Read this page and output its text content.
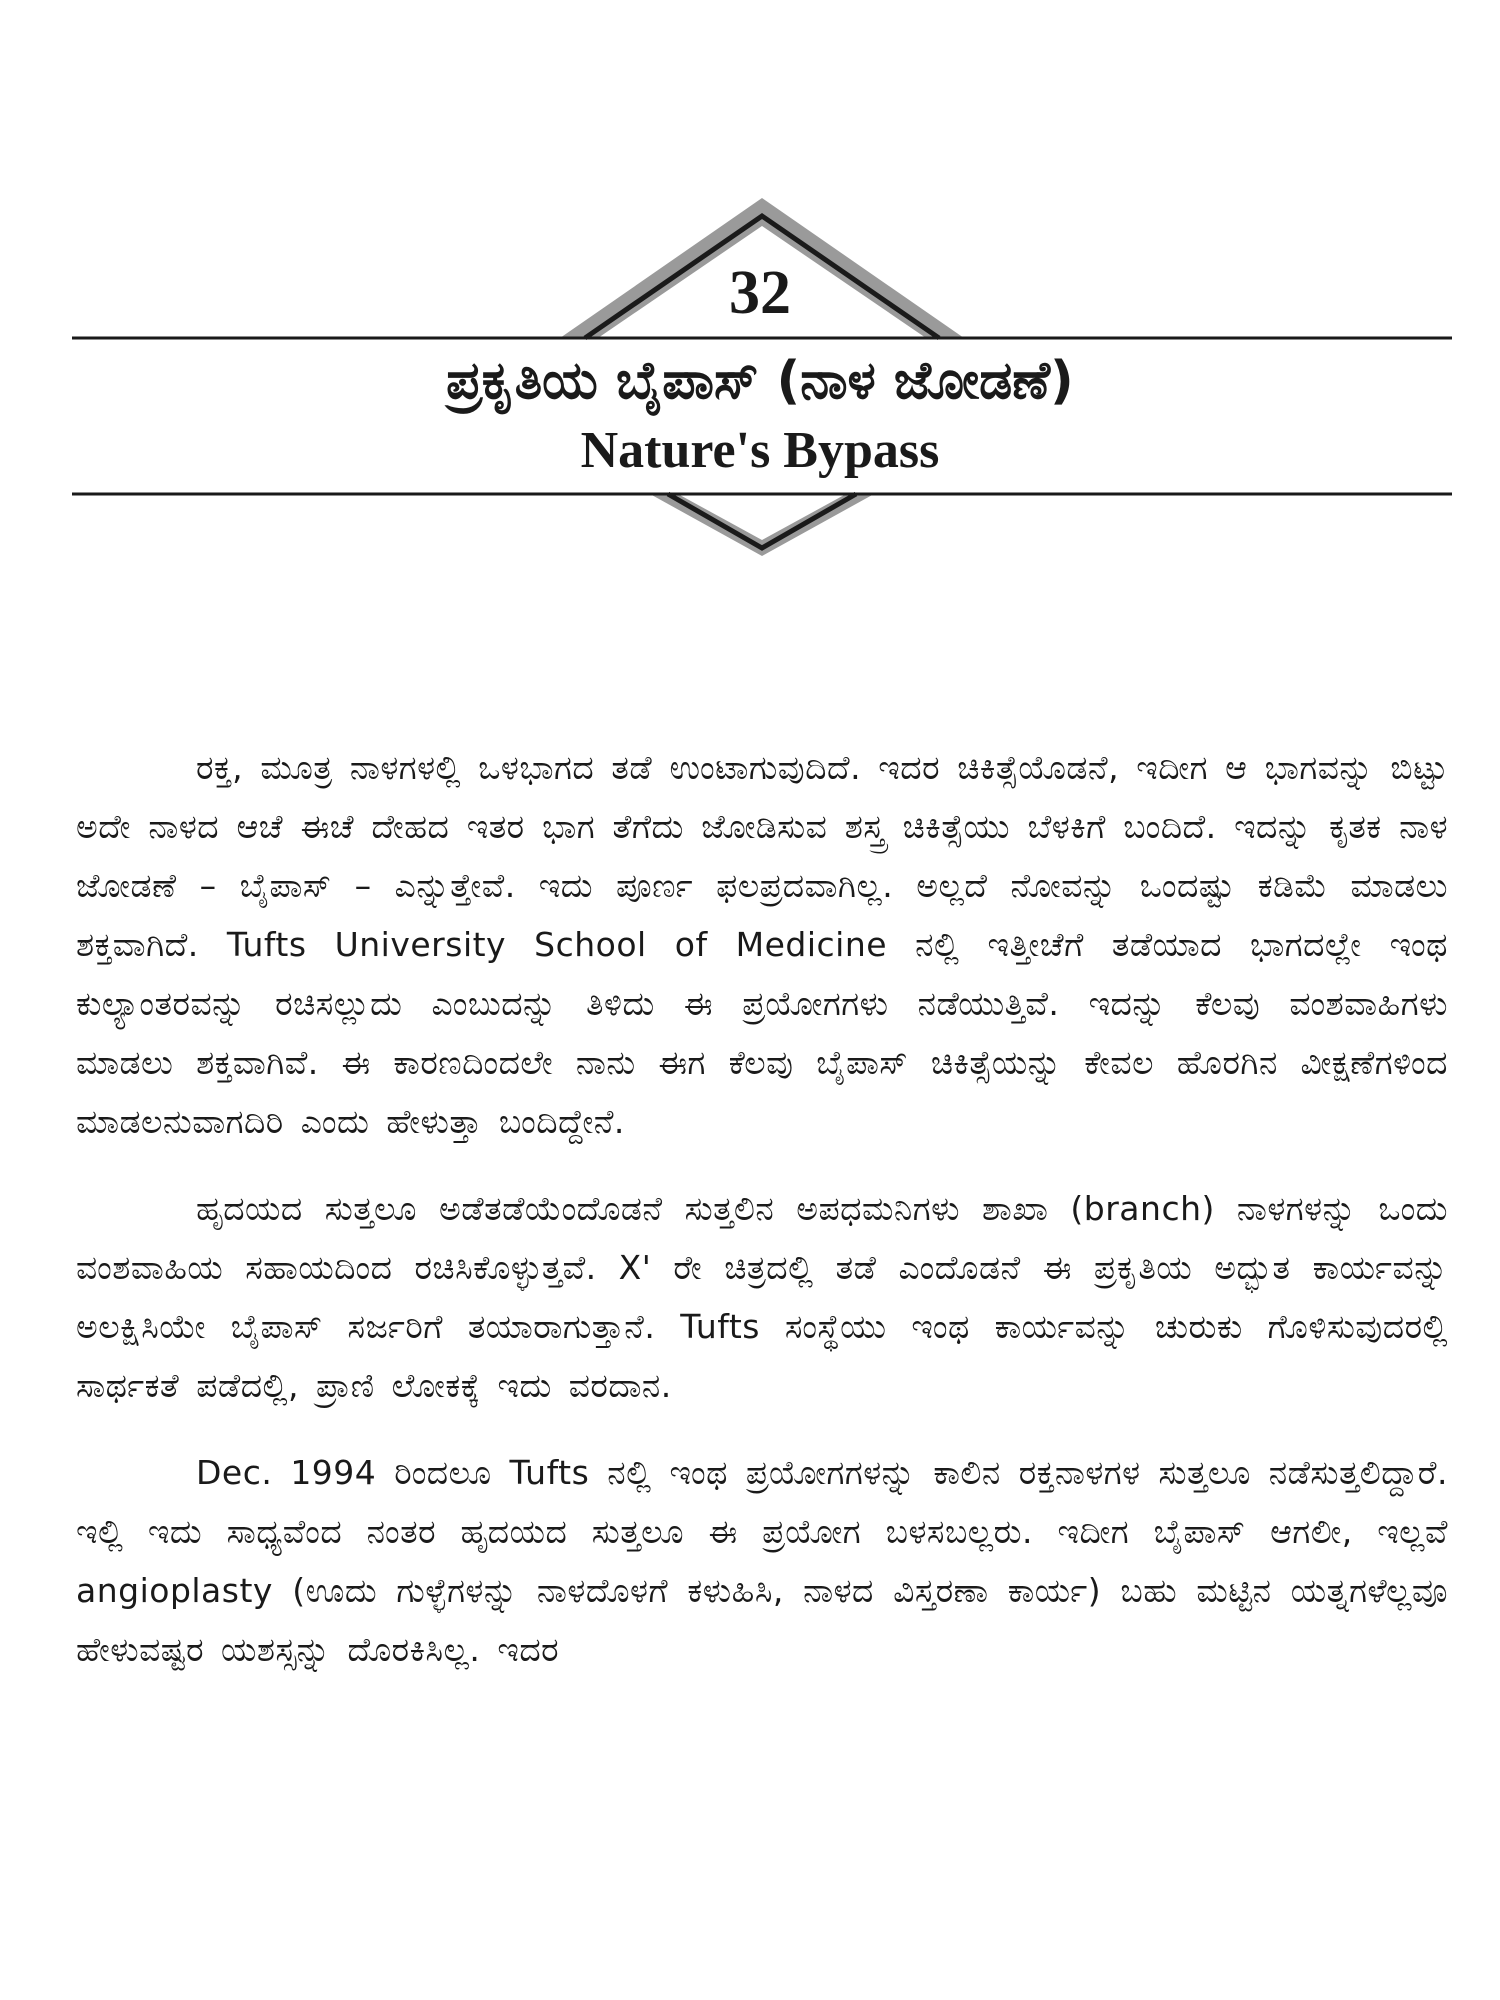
32
ಪ್ರಕೃತಿಯ ಬೈಪಾಸ್ (ನಾಳ ಜೋಡಣೆ)
Nature's Bypass

ರಕ್ತ, ಮೂತ್ರ ನಾಳಗಳಲ್ಲಿ ಒಳಭಾಗದ ತಡೆ ಉಂಟಾಗುವುದಿದೆ. ಇದರ ಚಿಕಿತ್ಸೆಯೊಡನೆ, ಇದೀಗ ಆ ಭಾಗವನ್ನು ಬಿಟ್ಟು ಅದೇ ನಾಳದ ಆಚೆ ಈಚೆ ದೇಹದ ಇತರ ಭಾಗ ತೆಗೆದು ಜೋಡಿಸುವ ಶಸ್ತ್ರ ಚಿಕಿತ್ಸೆಯು ಬೆಳಕಿಗೆ ಬಂದಿದೆ. ಇದನ್ನು ಕೃತಕ ನಾಳ ಜೋಡಣೆ – ಬೈಪಾಸ್ – ಎನ್ನುತ್ತೇವೆ. ಇದು ಪೂರ್ಣ ಫಲಪ್ರದವಾಗಿಲ್ಲ. ಅಲ್ಲದೆ ನೋವನ್ನು ಒಂದಷ್ಟು ಕಡಿಮೆ ಮಾಡಲು ಶಕ್ತವಾಗಿದೆ. Tufts University School of Medicine ನಲ್ಲಿ ಇತ್ತೀಚೆಗೆ ತಡೆಯಾದ ಭಾಗದಲ್ಲೇ ಇಂಥ ಕುಲ್ಯಾಂತರವನ್ನು ರಚಿಸಲ್ಲುದು ಎಂಬುದನ್ನು ತಿಳಿದು ಈ ಪ್ರಯೋಗಗಳು ನಡೆಯುತ್ತಿವೆ. ಇದನ್ನು ಕೆಲವು ವಂಶವಾಹಿಗಳು ಮಾಡಲು ಶಕ್ತವಾಗಿವೆ. ಈ ಕಾರಣದಿಂದಲೇ ನಾನು ಈಗ ಕೆಲವು ಬೈಪಾಸ್ ಚಿಕಿತ್ಸೆಯನ್ನು ಕೇವಲ ಹೊರಗಿನ ವೀಕ್ಷಣೆಗಳಿಂದ ಮಾಡಲನುವಾಗದಿರಿ ಎಂದು ಹೇಳುತ್ತಾ ಬಂದಿದ್ದೇನೆ.

ಹೃದಯದ ಸುತ್ತಲೂ ಅಡೆತಡೆಯೆಂದೊಡನೆ ಸುತ್ತಲಿನ ಅಪಧಮನಿಗಳು ಶಾಖಾ (branch) ನಾಳಗಳನ್ನು ಒಂದು ವಂಶವಾಹಿಯ ಸಹಾಯದಿಂದ ರಚಿಸಿಕೊಳ್ಳುತ್ತವೆ. X' ರೇ ಚಿತ್ರದಲ್ಲಿ ತಡೆ ಎಂದೊಡನೆ ಈ ಪ್ರಕೃತಿಯ ಅದ್ಭುತ ಕಾರ್ಯವನ್ನು ಅಲಕ್ಷಿಸಿಯೇ ಬೈಪಾಸ್ ಸರ್ಜರಿಗೆ ತಯಾರಾಗುತ್ತಾನೆ. Tufts ಸಂಸ್ಥೆಯು ಇಂಥ ಕಾರ್ಯವನ್ನು ಚುರುಕು ಗೊಳಿಸುವುದರಲ್ಲಿ ಸಾರ್ಥಕತೆ ಪಡೆದಲ್ಲಿ, ಪ್ರಾಣಿ ಲೋಕಕ್ಕೆ ಇದು ವರದಾನ.

Dec. 1994 ರಿಂದಲೂ Tufts ನಲ್ಲಿ ಇಂಥ ಪ್ರಯೋಗಗಳನ್ನು ಕಾಲಿನ ರಕ್ತನಾಳಗಳ ಸುತ್ತಲೂ ನಡೆಸುತ್ತಲಿದ್ದಾರೆ. ಇಲ್ಲಿ ಇದು ಸಾಧ್ಯವೆಂದ ನಂತರ ಹೃದಯದ ಸುತ್ತಲೂ ಈ ಪ್ರಯೋಗ ಬಳಸಬಲ್ಲರು. ಇದೀಗ ಬೈಪಾಸ್ ಆಗಲೀ, ಇಲ್ಲವೆ angioplasty (ಊದು ಗುಳ್ಳೆಗಳನ್ನು ನಾಳದೊಳಗೆ ಕಳುಹಿಸಿ, ನಾಳದ ವಿಸ್ತರಣಾ ಕಾರ್ಯ) ಬಹು ಮಟ್ಟಿನ ಯತ್ನಗಳೆಲ್ಲವೂ ಹೇಳುವಷ್ಟರ ಯಶಸ್ಸನ್ನು ದೊರಕಿಸಿಲ್ಲ. ಇದರ
